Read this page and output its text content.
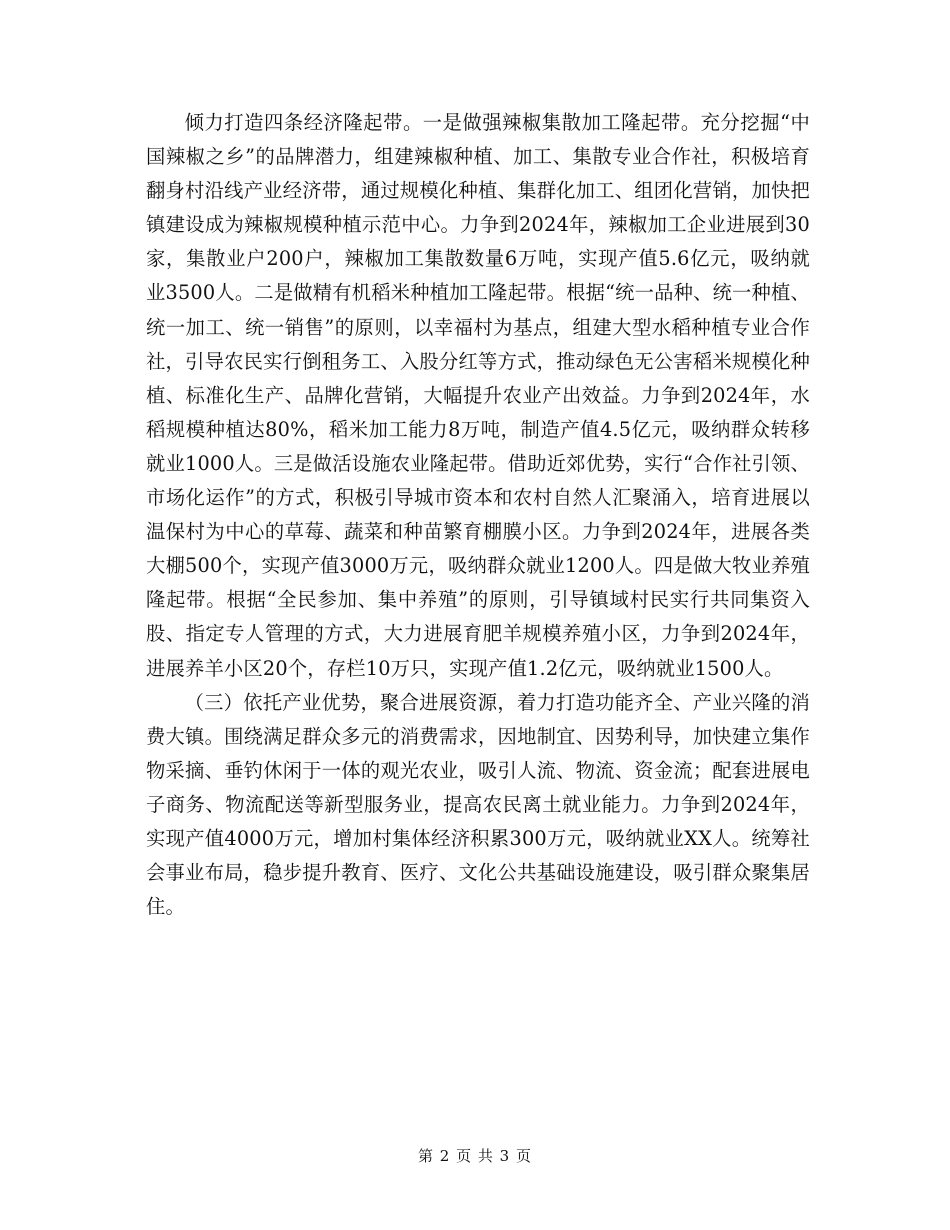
倾力打造四条经济隆起带。一是做强辣椒集散加工隆起带。充分挖掘“中国辣椒之乡”的品牌潜力，组建辣椒种植、加工、集散专业合作社，积极培育翻身村沿线产业经济带，通过规模化种植、集群化加工、组团化营销，加快把镇建设成为辣椒规模种植示范中心。力争到2024年，辣椒加工企业进展到30家，集散业户200户，辣椒加工集散数量6万吨，实现产值5.6亿元，吸纳就业3500人。二是做精有机稻米种植加工隆起带。根据“统一品种、统一种植、统一加工、统一销售”的原则，以幸福村为基点，组建大型水稻种植专业合作社，引导农民实行倒租务工、入股分红等方式，推动绿色无公害稻米规模化种植、标准化生产、品牌化营销，大幅提升农业产出效益。力争到2024年，水稻规模种植达80%，稻米加工能力8万吨，制造产值4.5亿元，吸纳群众转移就业1000人。三是做活设施农业隆起带。借助近郊优势，实行“合作社引领、市场化运作”的方式，积极引导城市资本和农村自然人汇聚涌入，培育进展以温保村为中心的草莓、蔬菜和种苗繁育棚膜小区。力争到2024年，进展各类大棚500个，实现产值3000万元，吸纳群众就业1200人。四是做大牧业养殖隆起带。根据“全民参加、集中养殖”的原则，引导镇域村民实行共同集资入股、指定专人管理的方式，大力进展育肥羊规模养殖小区，力争到2024年，进展养羊小区20个，存栏10万只，实现产值1.2亿元，吸纳就业1500人。

（三）依托产业优势，聚合进展资源，着力打造功能齐全、产业兴隆的消费大镇。围绕满足群众多元的消费需求，因地制宜、因势利导，加快建立集作物采摘、垂钓休闲于一体的观光农业，吸引人流、物流、资金流；配套进展电子商务、物流配送等新型服务业，提高农民离土就业能力。力争到2024年，实现产值4000万元，增加村集体经济积累300万元，吸纳就业XX人。统筹社会事业布局，稳步提升教育、医疗、文化公共基础设施建设，吸引群众聚集居住。

第 2 页 共 3 页
